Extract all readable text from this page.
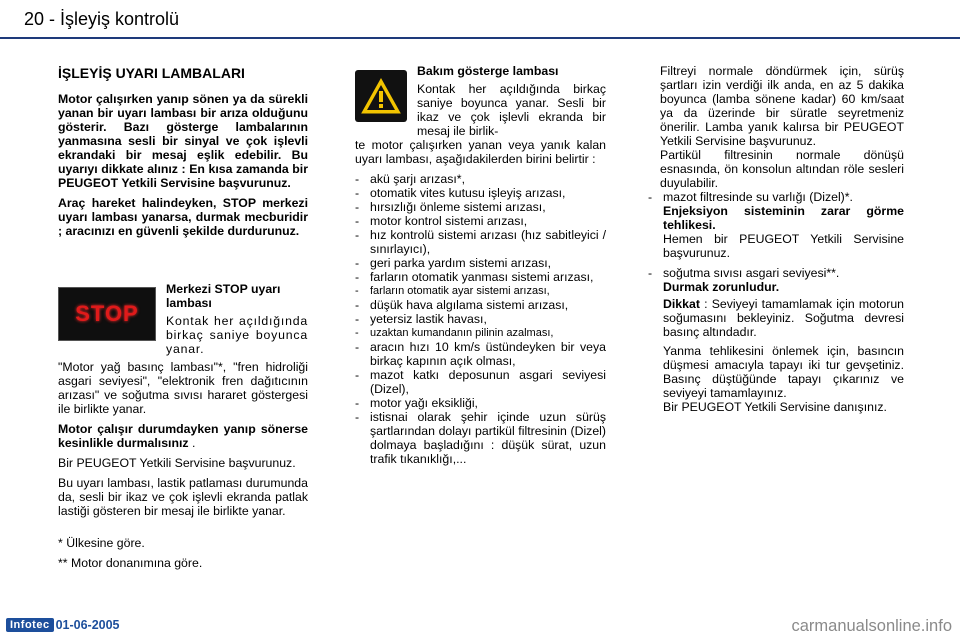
20 - İşleyiş kontrolü
İŞLEYİŞ UYARI LAMBALARI

Motor çalışırken yanıp sönen ya da sürekli yanan bir uyarı lambası bir arıza olduğunu gösterir. Bazı gösterge lambalarının yanmasına sesli bir sinyal ve çok işlevli ekrandaki bir mesaj eşlik edebilir. Bu uyarıyı dikkate alınız : En kısa zamanda bir PEUGEOT Yetkili Servisine başvurunuz.

Araç hareket halindeyken, STOP merkezi uyarı lambası yanarsa, durmak mecburidir ; aracınızı en güvenli şekilde durdurunuz.

STOP
Merkezi STOP uyarı lambası
Kontak her açıldığında birkaç saniye boyunca yanar.

"Motor yağ basınç lambası"*, "fren hidroliği asgari seviyesi", "elektronik fren dağıtıcının arızası" ve soğutma sıvısı hararet göstergesi ile birlikte yanar.

Motor çalışır durumdayken yanıp sönerse kesinlikle durmalısınız .

Bir PEUGEOT Yetkili Servisine başvurunuz.

Bu uyarı lambası, lastik patlaması durumunda da, sesli bir ikaz ve çok işlevli ekranda patlak lastiği gösteren bir mesaj ile birlikte yanar.

* Ülkesine göre.

** Motor donanımına göre.

Bakım gösterge lambası
Kontak her açıldığında birkaç saniye boyunca yanar. Sesli bir ikaz ve çok işlevli ekranda bir mesaj ile birlik-

te motor çalışırken yanan veya yanık kalan uyarı lambası, aşağıdakilerden birini belirtir :

- akü şarjı arızası*,
- otomatik vites kutusu işleyiş arızası,
- hırsızlığı önleme sistemi arızası,
- motor kontrol sistemi arızası,
- hız kontrolü sistemi arızası (hız sabitleyici / sınırlayıcı),
- geri parka yardım sistemi arızası,
- farların otomatik yanması sistemi arızası,
- farların otomatik ayar sistemi arızası,
- düşük hava algılama sistemi arızası,
- yetersiz lastik havası,
- uzaktan kumandanın pilinin azalması,
- aracın hızı 10 km/s üstündeyken bir veya birkaç kapının açık olması,
- mazot katkı deposunun asgari seviyesi (Dizel),
- motor yağı eksikliği,
- istisnai olarak şehir içinde uzun sürüş şartlarından dolayı partikül filtresinin (Dizel) dolmaya başladığını : düşük sürat, uzun trafik tıkanıklığı,...

Filtreyi normale döndürmek için, sürüş şartları izin verdiği ilk anda, en az 5 dakika boyunca (lamba sönene kadar) 60 km/saat ya da üzerinde bir süratle seyretmeniz önerilir. Lamba yanık kalırsa bir PEUGEOT Yetkili Servisine başvurunuz.

Partikül filtresinin normale dönüşü esnasında, ön konsolun altından röle sesleri duyulabilir.

- mazot filtresinde su varlığı (Dizel)*.
Enjeksiyon sisteminin zarar görme tehlikesi.
Hemen bir PEUGEOT Yetkili Servisine başvurunuz.
- soğutma sıvısı asgari seviyesi**.
Durmak zorunludur.
Dikkat : Seviyeyi tamamlamak için motorun soğumasını bekleyiniz. Soğutma devresi basınç altındadır.
Yanma tehlikesini önlemek için, basıncın düşmesi amacıyla tapayı iki tur gevşetiniz. Basınç düştüğünde tapayı çıkarınız ve seviyeyi tamamlayınız.
Bir PEUGEOT Yetkili Servisine danışınız.
Infotec 01-06-2005	carmanualsonline.info
